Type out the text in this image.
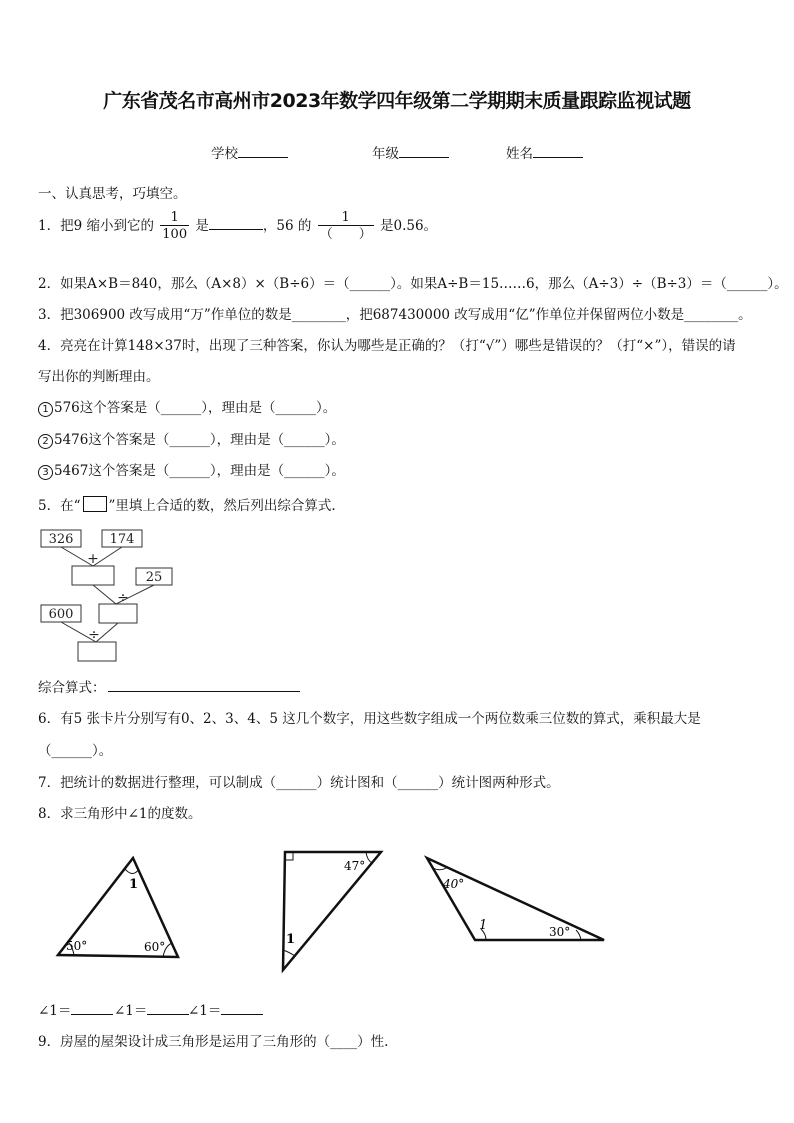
广东省茂名市高州市2023年数学四年级第二学期期末质量跟踪监视试题
学校	年级	姓名
一、认真思考，巧填空。
1．把9 缩小到它的 $\frac{1}{100}$ 是	，56 的 $\frac{1}{( )}$ 是0.56。
2．如果A×B＝840，那么（A×8）×（B÷6）＝（______）。如果A÷B＝15……6，那么（A÷3）÷（B÷3）＝（______）。
3．把306900 改写成用“万”作单位的数是________，把687430000 改写成用“亿”作单位并保留两位小数是________。
4．亮亮在计算148×37时，出现了三种答案，你认为哪些是正确的？（打“√”）哪些是错误的？（打“×”），错误的请
写出你的判断理由。
1 576这个答案是（______），理由是（______）。
2 5476这个答案是（______），理由是（______）。
3 5467这个答案是（______），理由是（______）。
5．在“ ”里填上合适的数，然后列出综合算式.
326	174
+
25
÷
600
÷
综合算式：
6．有5 张卡片分别写有0、2、3、4、5 这几个数字，用这些数字组成一个两位数乘三位数的算式，乘积最大是
（______）。
7．把统计的数据进行整理，可以制成（______）统计图和（______）统计图两种形式。
8．求三角形中∠1的度数。
1
50°	60°
47°
1
40°
1	30°
∠1＝	∠1＝	∠1＝
9．房屋的屋架设计成三角形是运用了三角形的（____）性.
